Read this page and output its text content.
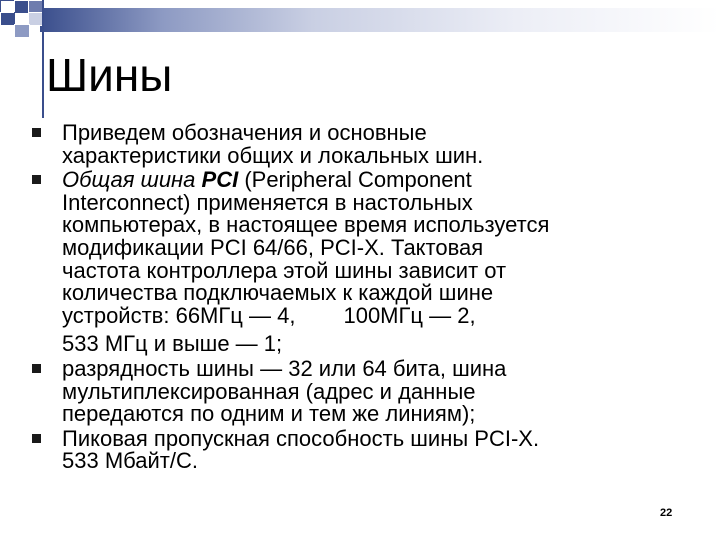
Шины
Приведем обозначения и основные
характеристики общих и локальных шин.
Общая шина PCI (Peripheral Component
Interconnect) применяется в настольных
компьютерах, в настоящее время используется
модификации PCI 64/66, PCI-X. Тактовая
частота контроллера этой шины зависит от
количества подключаемых к каждой шине
устройств: 66МГц — 4, 100МГц — 2,
533 МГц и выше — 1;
разрядность шины — 32 или 64 бита, шина
мультиплексированная (адрес и данные
передаются по одним и тем же линиям);
Пиковая пропускная способность шины PCI-X.
533 Мбайт/С.
22
